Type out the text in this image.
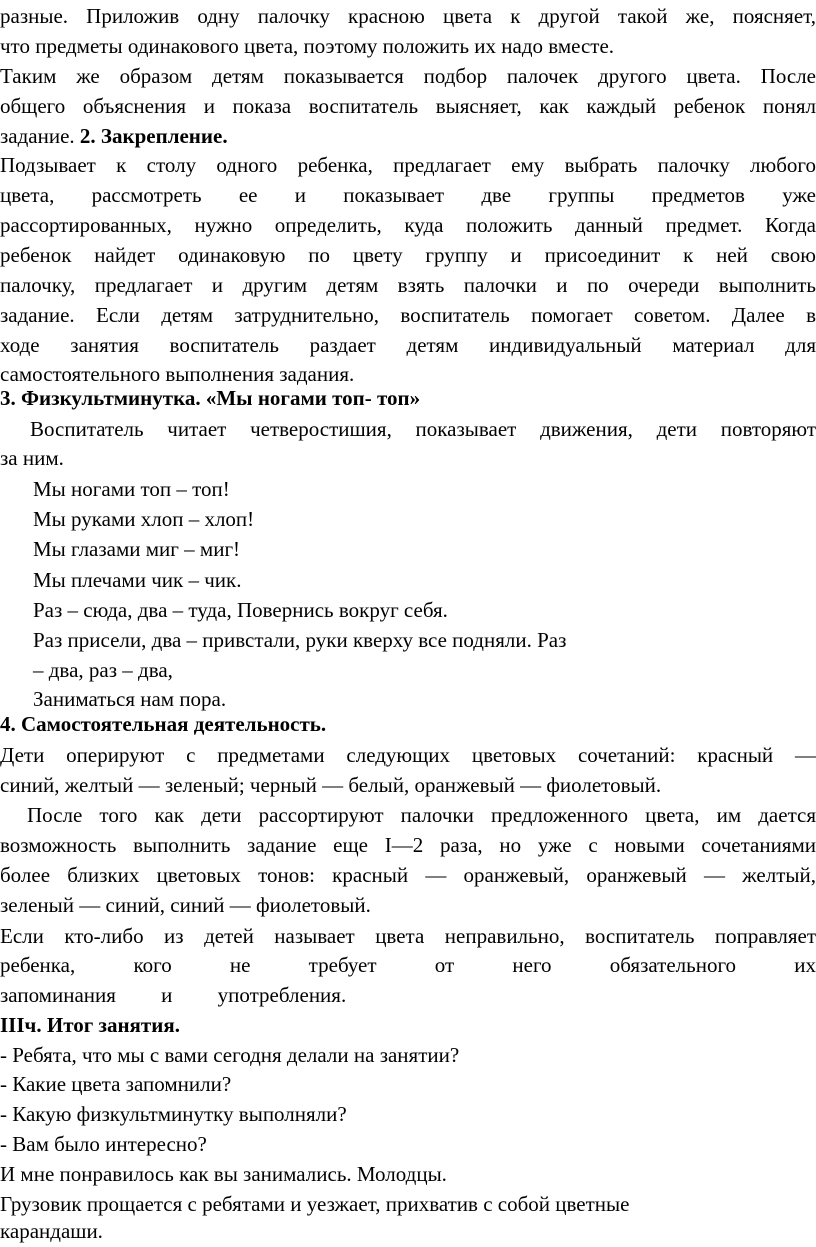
разные. Приложив одну палочку красною цвета к другой такой же, поясняет,
что предметы одинакового цвета, поэтому положить их надо вместе.
Таким же образом детям показывается подбор палочек другого цвета. После
общего объяснения и показа воспитатель выясняет, как каждый ребенок понял
задание. 2. Закрепление.
Подзывает к столу одного ребенка, предлагает ему выбрать палочку любого
цвета, рассмотреть ее и показывает две группы предметов уже
рассортированных, нужно определить, куда положить данный предмет. Когда
ребенок найдет одинаковую по цвету группу и присоединит к ней свою
палочку, предлагает и другим детям взять палочки и по очереди выполнить
задание. Если детям затруднительно, воспитатель помогает советом. Далее в
ходе занятия воспитатель раздает детям индивидуальный материал для
самостоятельного выполнения задания.
3. Физкультминутка. «Мы ногами топ- топ»
Воспитатель читает четверостишия, показывает движения, дети повторяют
за ним.
Мы ногами топ – топ!
Мы руками хлоп – хлоп!
Мы глазами миг – миг!
Мы плечами чик – чик.
Раз – сюда, два – туда, Повернись вокруг себя.
Раз присели, два – привстали, руки кверху все подняли. Раз
– два, раз – два,
Заниматься нам пора.
4. Самостоятельная деятельность.
Дети оперируют с предметами следующих цветовых сочетаний: красный —
синий, желтый — зеленый; черный — белый, оранжевый — фиолетовый.
После того как дети рассортируют палочки предложенного цвета, им дается
возможность выполнить задание еще I—2 раза, но уже с новыми сочетаниями
более близких цветовых тонов: красный — оранжевый, оранжевый — желтый,
зеленый — синий, синий — фиолетовый.
Если кто-либо из детей называет цвета неправильно, воспитатель поправляет
ребенка, кого не требует от него обязательного их
запоминания и употребления.
IIIч. Итог занятия.
- Ребята, что мы с вами сегодня делали на занятии?
- Какие цвета запомнили?
- Какую физкультминутку выполняли?
- Вам было интересно?
И мне понравилось как вы занимались. Молодцы.
Грузовик прощается с ребятами и уезжает, прихватив с собой цветные
карандаши.
